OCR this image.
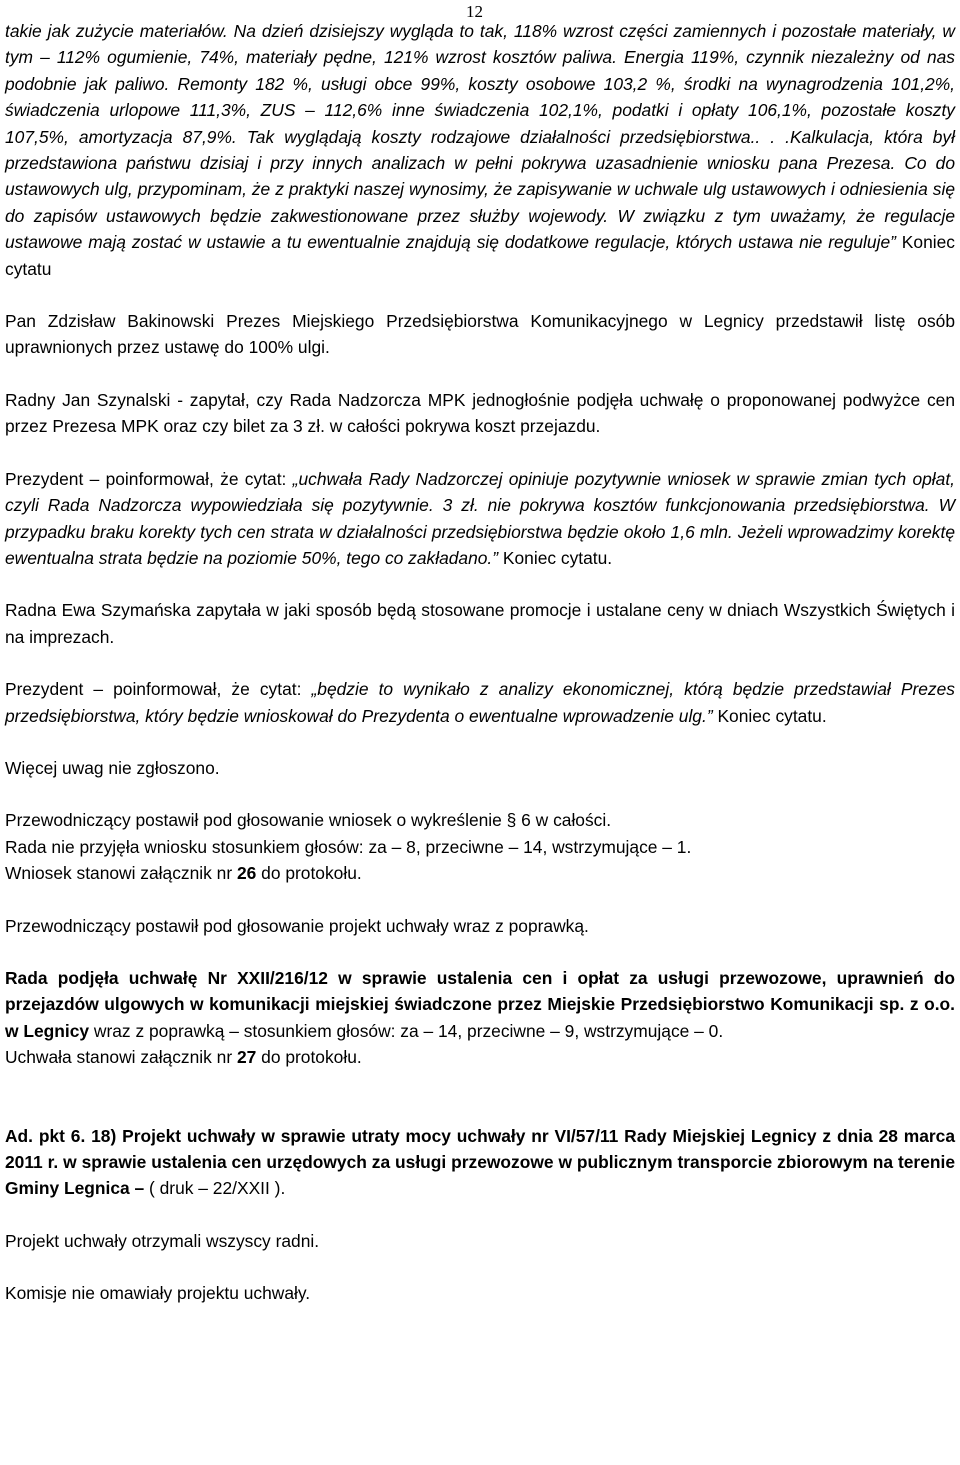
12

takie jak zużycie materiałów. Na dzień dzisiejszy wygląda to tak, 118% wzrost części zamiennych i pozostałe materiały, w tym – 112% ogumienie, 74%, materiały pędne, 121% wzrost kosztów paliwa. Energia 119%, czynnik niezależny od nas podobnie jak paliwo. Remonty 182 %, usługi obce 99%, koszty osobowe 103,2 %, środki na wynagrodzenia 101,2%, świadczenia urlopowe 111,3%, ZUS – 112,6% inne świadczenia 102,1%, podatki i opłaty 106,1%, pozostałe koszty 107,5%, amortyzacja 87,9%. Tak wyglądają koszty rodzajowe działalności przedsiębiorstwa.. . .Kalkulacja, która był przedstawiona państwu dzisiaj i przy innych analizach w pełni pokrywa uzasadnienie wniosku pana Prezesa. Co do ustawowych ulg, przypominam, że z praktyki naszej wynosimy, że zapisywanie w uchwale ulg ustawowych i odniesienia się do zapisów ustawowych będzie zakwestionowane przez służby wojewody. W związku z tym uważamy, że regulacje ustawowe mają zostać w ustawie a tu ewentualnie znajdują się dodatkowe regulacje, których ustawa nie reguluje” Koniec cytatu

Pan Zdzisław Bakinowski Prezes Miejskiego Przedsiębiorstwa Komunikacyjnego w Legnicy przedstawił listę osób uprawnionych przez ustawę do 100% ulgi.

Radny Jan Szynalski - zapytał, czy Rada Nadzorcza MPK jednogłośnie podjęła uchwałę o proponowanej podwyżce cen przez Prezesa MPK oraz czy bilet za 3 zł. w całości pokrywa koszt przejazdu.

Prezydent – poinformował, że cytat: „uchwała Rady Nadzorczej opiniuje pozytywnie wniosek w sprawie zmian tych opłat, czyli Rada Nadzorcza wypowiedziała się pozytywnie. 3 zł. nie pokrywa kosztów funkcjonowania przedsiębiorstwa. W przypadku braku korekty tych cen strata w działalności przedsiębiorstwa będzie około 1,6 mln. Jeżeli wprowadzimy korektę ewentualna strata będzie na poziomie 50%, tego co zakładano.” Koniec cytatu.

Radna Ewa Szymańska zapytała w jaki sposób będą stosowane promocje i ustalane ceny w dniach Wszystkich Świętych i na imprezach.

Prezydent – poinformował, że cytat: „będzie to wynikało z analizy ekonomicznej, którą będzie przedstawiał Prezes przedsiębiorstwa, który będzie wnioskował do Prezydenta o ewentualne wprowadzenie ulg.” Koniec cytatu.

Więcej uwag nie zgłoszono.

Przewodniczący postawił pod głosowanie wniosek o wykreślenie § 6 w całości.

Rada nie przyjęła wniosku stosunkiem głosów: za – 8, przeciwne – 14, wstrzymujące – 1.

Wniosek stanowi załącznik nr 26 do protokołu.

Przewodniczący postawił pod głosowanie projekt uchwały wraz z poprawką.

Rada podjęła uchwałę Nr XXII/216/12 w sprawie ustalenia cen i opłat za usługi przewozowe, uprawnień do przejazdów ulgowych w komunikacji miejskiej świadczone przez Miejskie Przedsiębiorstwo Komunikacji sp. z o.o. w Legnicy wraz z poprawką – stosunkiem głosów: za – 14, przeciwne – 9, wstrzymujące – 0.

Uchwała stanowi załącznik nr 27 do protokołu.

Ad. pkt 6. 18) Projekt uchwały w sprawie utraty mocy uchwały nr VI/57/11 Rady Miejskiej Legnicy z dnia 28 marca 2011 r. w sprawie ustalenia cen urzędowych za usługi przewozowe w publicznym transporcie zbiorowym na terenie Gminy Legnica – ( druk – 22/XXII ).

Projekt uchwały otrzymali wszyscy radni.

Komisje nie omawiały projektu uchwały.
